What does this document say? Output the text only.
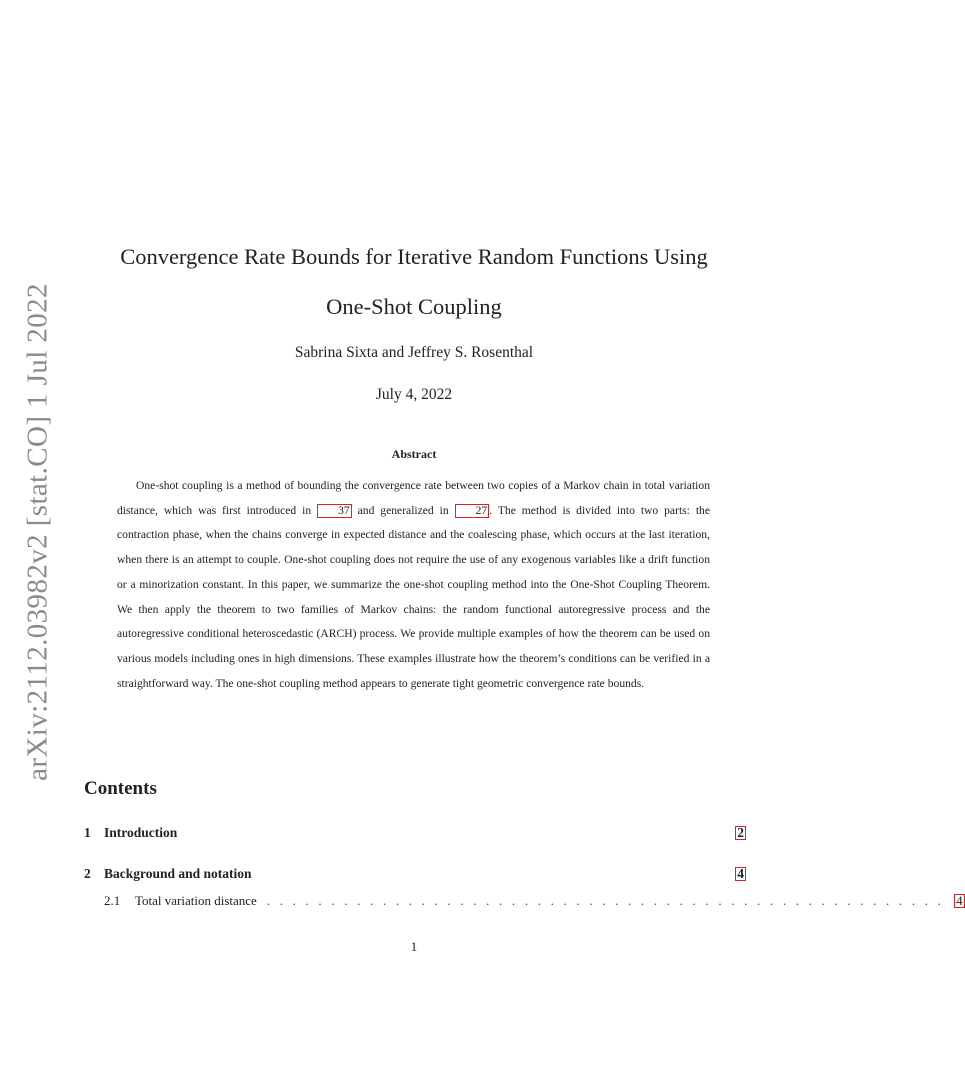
arXiv:2112.03982v2 [stat.CO] 1 Jul 2022
Convergence Rate Bounds for Iterative Random Functions Using
One-Shot Coupling
Sabrina Sixta and Jeffrey S. Rosenthal
July 4, 2022
Abstract
One-shot coupling is a method of bounding the convergence rate between two copies of a Markov chain in total variation distance, which was first introduced in 37 and generalized in 27 . The method is divided into two parts: the contraction phase, when the chains converge in expected distance and the coalescing phase, which occurs at the last iteration, when there is an attempt to couple. One-shot coupling does not require the use of any exogenous variables like a drift function or a minorization constant. In this paper, we summarize the one-shot coupling method into the One-Shot Coupling Theorem. We then apply the theorem to two families of Markov chains: the random functional autoregressive process and the autoregressive conditional heteroscedastic (ARCH) process. We provide multiple examples of how the theorem can be used on various models including ones in high dimensions. These examples illustrate how the theorem’s conditions can be verified in a straightforward way. The one-shot coupling method appears to generate tight geometric convergence rate bounds.
Contents
1 Introduction	2
2 Background and notation	4
2.1	Total variation distance . . . . . . . . . . . . . . . . . . . . . . . . . . . . . . . . . . . . . . . . . . . . . . . . . . . . . 4
1
